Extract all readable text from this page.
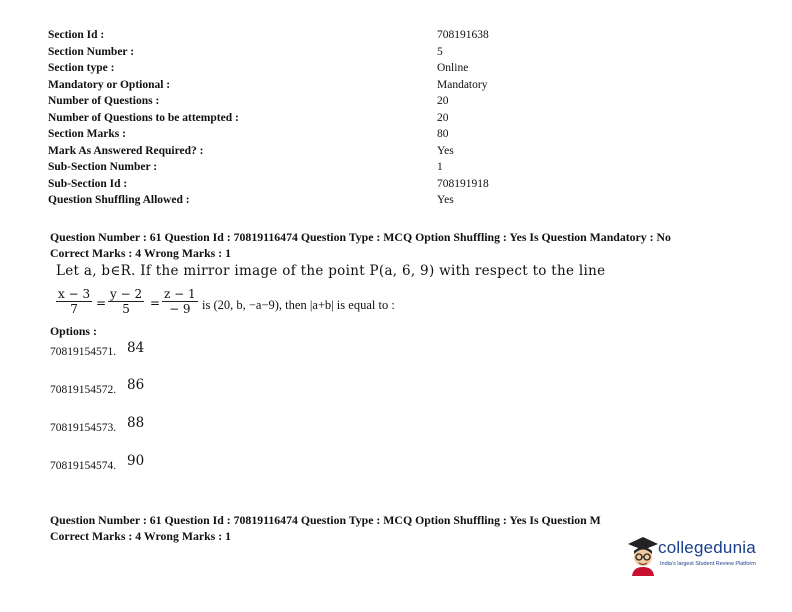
Section Id :	708191638
Section Number :	5
Section type :	Online
Mandatory or Optional :	Mandatory
Number of Questions :	20
Number of Questions to be attempted :	20
Section Marks :	80
Mark As Answered Required? :	Yes
Sub-Section Number :	1
Sub-Section Id :	708191918
Question Shuffling Allowed :	Yes
Question Number : 61 Question Id : 70819116474 Question Type : MCQ Option Shuffling : Yes Is Question Mandatory : No
Correct Marks : 4 Wrong Marks : 1
Let a, b∈R. If the mirror image of the point P(a, 6, 9) with respect to the line
$\frac{x - 3}{7} = \frac{y - 2}{5} = \frac{z - 1}{- 9}$ is (20, b, −a−9), then |a+b| is equal to :
Options :
70819154571. 84
70819154572. 86
70819154573. 88
70819154574. 90
Question Number : 61 Question Id : 70819116474 Question Type : MCQ Option Shuffling : Yes Is Question M
Correct Marks : 4 Wrong Marks : 1
collegedunia
India's largest Student Review Platform
